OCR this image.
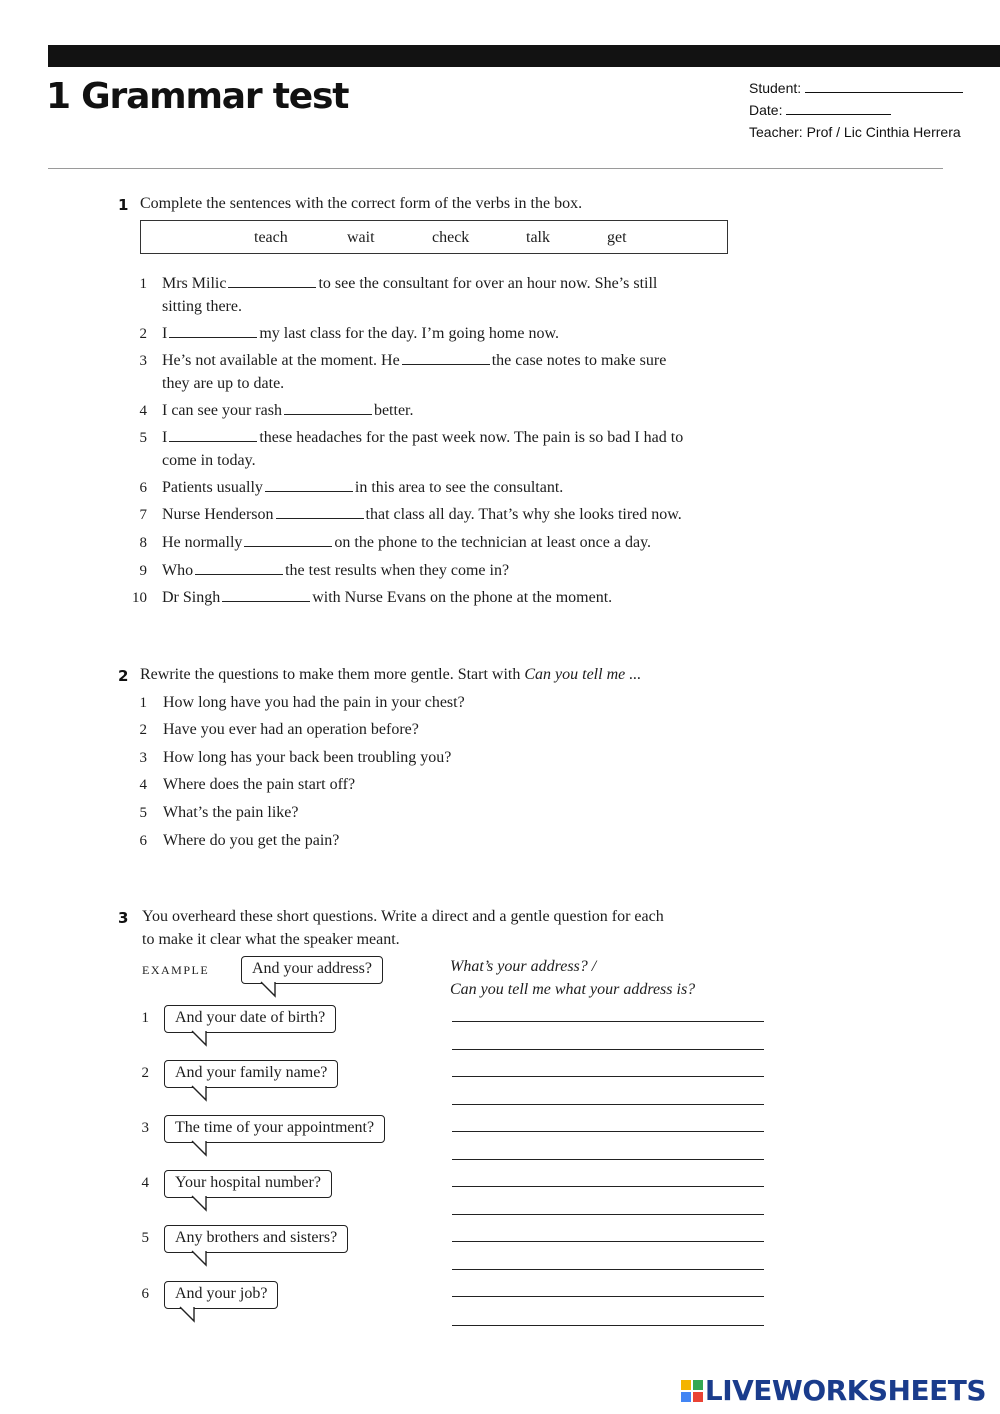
1 Grammar test	Student:
Date:
Teacher: Prof / Lic Cinthia Herrera
1 Complete the sentences with the correct form of the verbs in the box.
teach	wait	check	talk	get
1 Mrs Milic	to see the consultant for over an hour now. She’s still
sitting there.
2 I	my last class for the day. I’m going home now.
3 He’s not available at the moment. He	the case notes to make sure
they are up to date.
4 I can see your rash	better.
5 I	these headaches for the past week now. The pain is so bad I had to
come in today.
6 Patients usually	in this area to see the consultant.
7 Nurse Henderson	that class all day. That’s why she looks tired now.
8 He normally	on the phone to the technician at least once a day.
9 Who	the test results when they come in?
10 Dr Singh	with Nurse Evans on the phone at the moment.
2 Rewrite the questions to make them more gentle. Start with Can you tell me ...
1 How long have you had the pain in your chest?
2 Have you ever had an operation before?
3 How long has your back been troubling you?
4 Where does the pain start off?
5 What’s the pain like?
6 Where do you get the pain?
3 You overheard these short questions. Write a direct and a gentle question for each
to make it clear what the speaker meant.
EXAMPLE	And your address?	What’s your address? /
Can you tell me what your address is?
1	And your date of birth?
2	And your family name?
3	The time of your appointment?
4	Your hospital number?
5	Any brothers and sisters?
6	And your job?
LIVEWORKSHEETS
